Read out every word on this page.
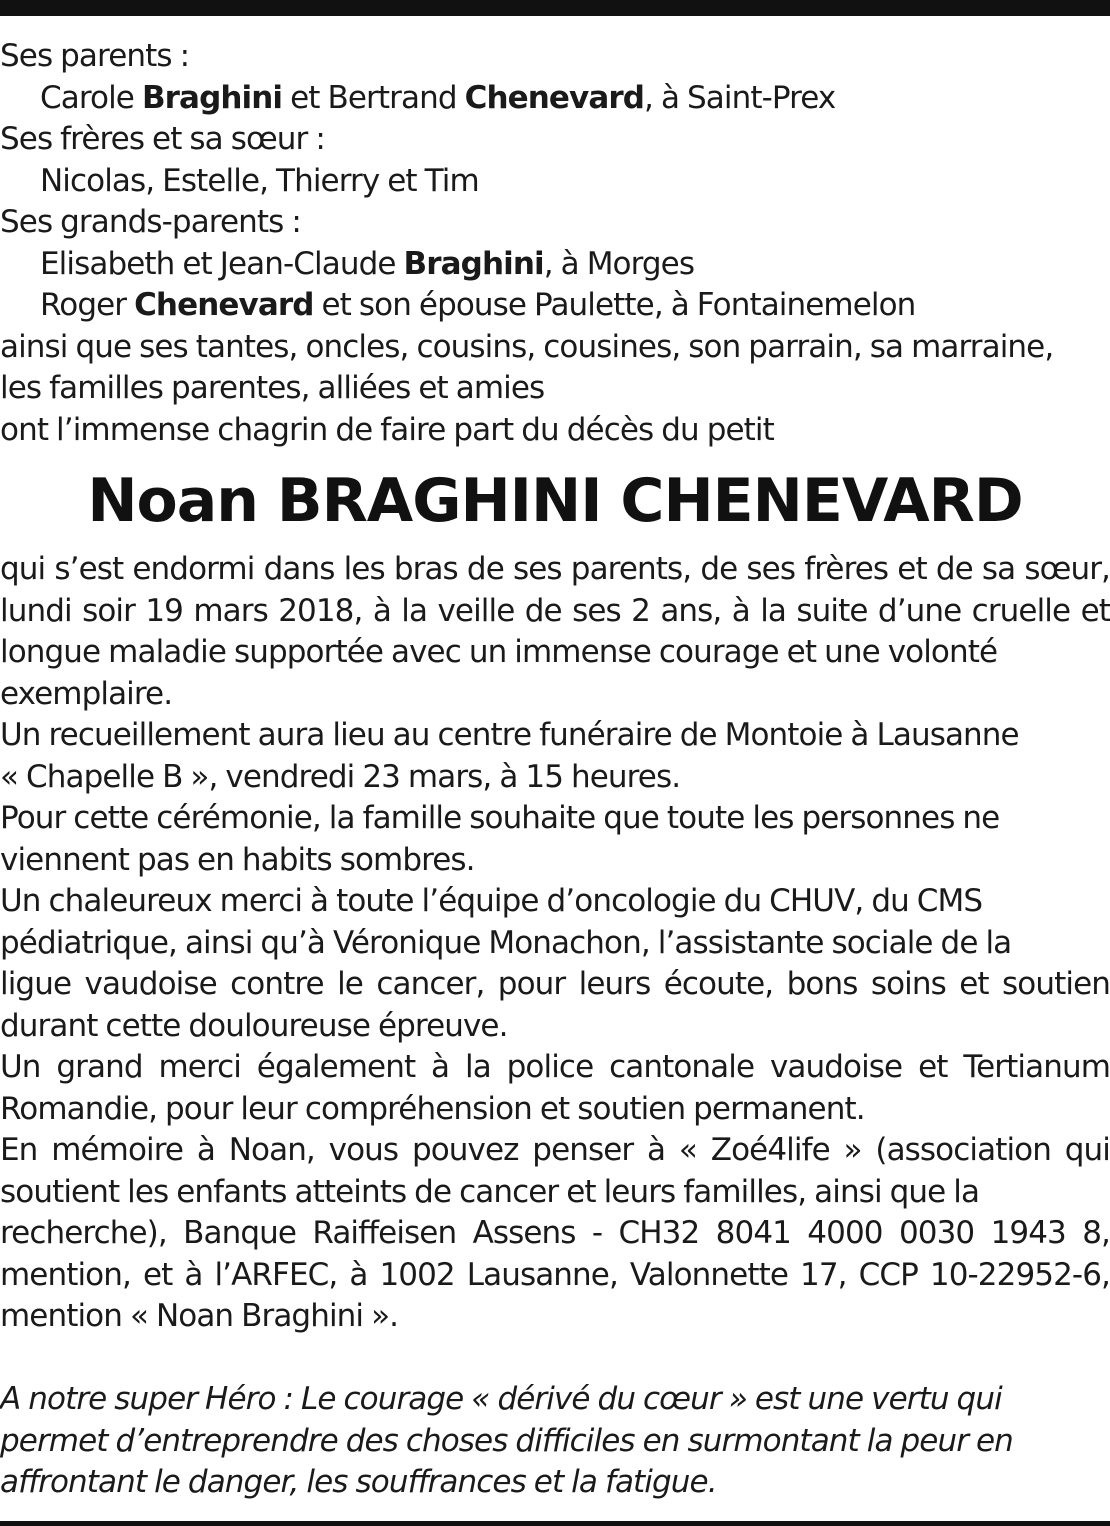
Ses parents :
Carole Braghini et Bertrand Chenevard, à Saint-Prex
Ses frères et sa sœur :
Nicolas, Estelle, Thierry et Tim
Ses grands-parents :
Elisabeth et Jean-Claude Braghini, à Morges
Roger Chenevard et son épouse Paulette, à Fontainemelon
ainsi que ses tantes, oncles, cousins, cousines, son parrain, sa marraine,
les familles parentes, alliées et amies
ont l’immense chagrin de faire part du décès du petit
Noan BRAGHINI CHENEVARD
qui s’est endormi dans les bras de ses parents, de ses frères et de sa sœur,
lundi soir 19 mars 2018, à la veille de ses 2 ans, à la suite d’une cruelle et
longue maladie supportée avec un immense courage et une volonté
exemplaire.
Un recueillement aura lieu au centre funéraire de Montoie à Lausanne
« Chapelle B », vendredi 23 mars, à 15 heures.
Pour cette cérémonie, la famille souhaite que toute les personnes ne
viennent pas en habits sombres.
Un chaleureux merci à toute l’équipe d’oncologie du CHUV, du CMS
pédiatrique, ainsi qu’à Véronique Monachon, l’assistante sociale de la
ligue vaudoise contre le cancer, pour leurs écoute, bons soins et soutien
durant cette douloureuse épreuve.
Un grand merci également à la police cantonale vaudoise et Tertianum
Romandie, pour leur compréhension et soutien permanent.
En mémoire à Noan, vous pouvez penser à « Zoé4life » (association qui
soutient les enfants atteints de cancer et leurs familles, ainsi que la
recherche), Banque Raiffeisen Assens - CH32 8041 4000 0030 1943 8,
mention, et à l’ARFEC, à 1002 Lausanne, Valonnette 17, CCP 10-22952-6,
mention « Noan Braghini ».
A notre super Héro : Le courage « dérivé du cœur » est une vertu qui
permet d’entreprendre des choses difficiles en surmontant la peur en
affrontant le danger, les souffrances et la fatigue.
